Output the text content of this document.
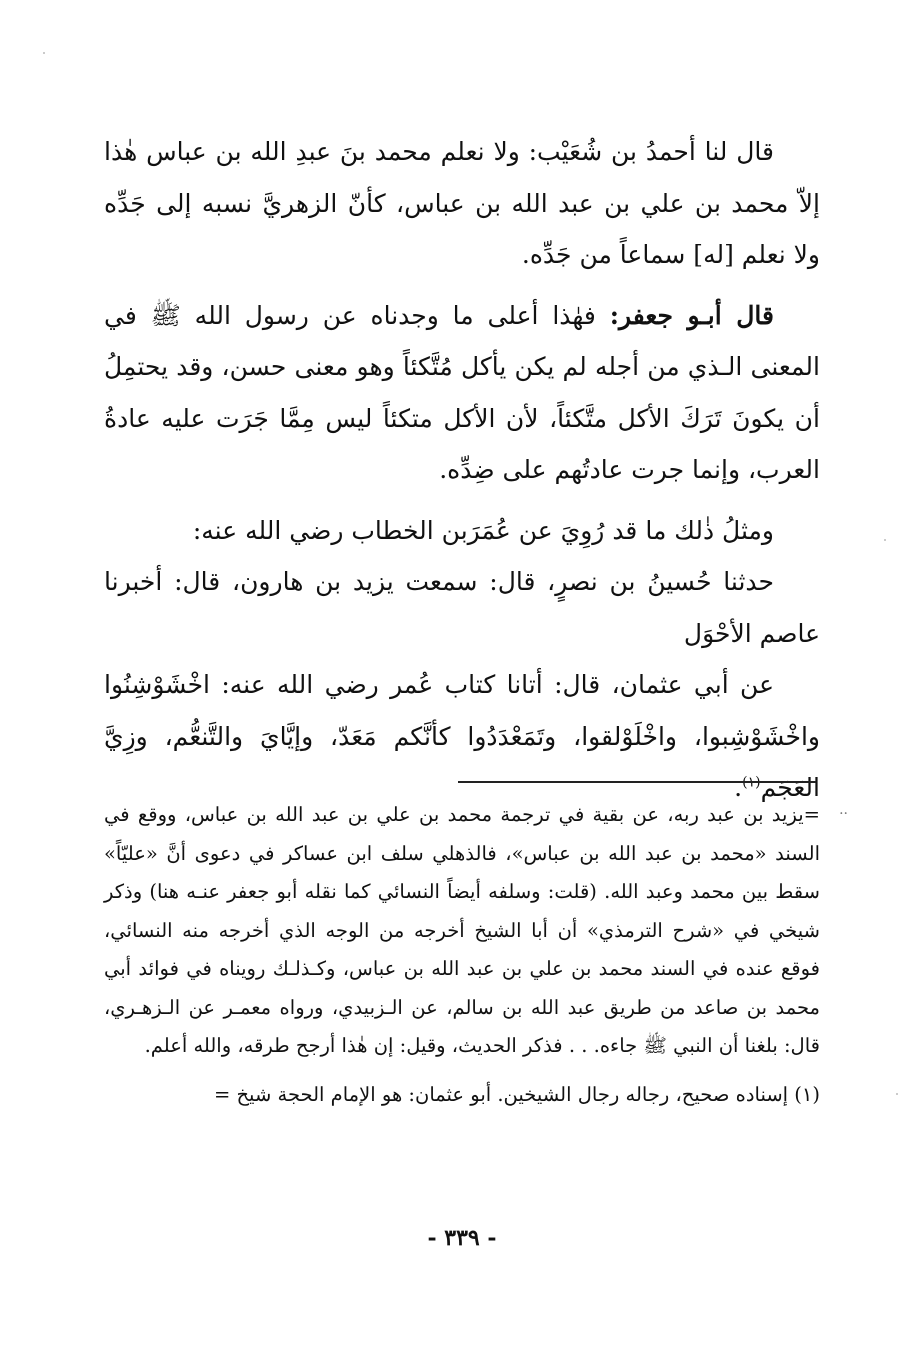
قال لنا أحمدُ بن شُعَيْب: ولا نعلم محمد بنَ عبدِ الله بن عباس هٰذا إلاّ محمد بن علي بن عبد الله بن عباس، كأنّ الزهريَّ نسبه إلى جَدِّه ولا نعلم [له] سماعاً من جَدِّه.

قال أبـو جعفر: فهٰذا أعلى ما وجدناه عن رسول الله ﷺ في المعنى الـذي من أجله لم يكن يأكل مُتَّكئاً وهو معنى حسن، وقد يحتمِلُ أن يكونَ تَرَكَ الأكل متَّكئاً، لأن الأكل متكئاً ليس مِمَّا جَرَت عليه عادةُ العرب، وإنما جرت عادتُهم على ضِدِّه.

ومثلُ ذٰلك ما قد رُوِيَ عن عُمَرَبن الخطاب رضي الله عنه:

حدثنا حُسينُ بن نصرٍ، قال: سمعت يزيد بن هارون، قال: أخبرنا عاصم الأحْوَل

عن أبي عثمان، قال: أتانا كتاب عُمر رضي الله عنه: اخْشَوْشِنُوا واخْشَوْشِبوا، واخْلَوْلقوا، وتَمَعْدَدُوا كأنَّكم مَعَدّ، وإيَّايَ والتَّنعُّم، وزِيَّ العَجَم$^{(١)}$.

··

=يزيد بن عبد ربه، عن بقية في ترجمة محمد بن علي بن عبد الله بن عباس، ووقع في السند «محمد بن عبد الله بن عباس»، فالذهلي سلف ابن عساكر في دعوى أنَّ «عليّاً» سقط بين محمد وعبد الله. (قلت: وسلفه أيضاً النسائي كما نقله أبو جعفر عنـه هنا) وذكر شيخي في «شرح الترمذي» أن أبا الشيخ أخرجه من الوجه الذي أخرجه منه النسائي، فوقع عنده في السند محمد بن علي بن عبد الله بن عباس، وكـذلـك رويناه في فوائد أبي محمد بن صاعد من طريق عبد الله بن سالم، عن الـزبيدي، ورواه معمـر عن الـزهـري، قال: بلغنا أن النبي ﷺ جاءه. . . فذكر الحديث، وقيل: إن هٰذا أرجح طرقه، والله أعلم.

(١) إسناده صحيح، رجاله رجال الشيخين. أبو عثمان: هو الإمام الحجة شيخ =

- ٣٣٩ -
